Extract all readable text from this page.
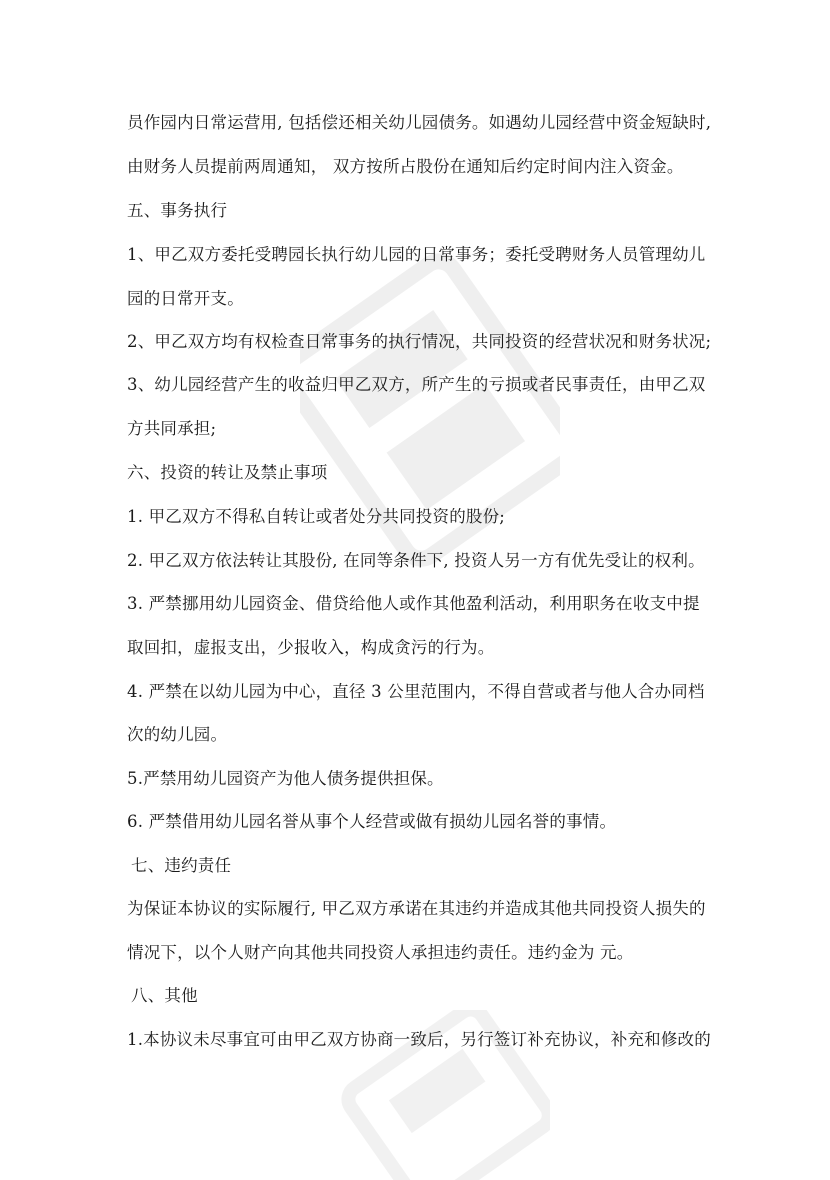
员作园内日常运营用, 包括偿还相关幼儿园债务。如遇幼儿园经营中资金短缺时,
由财务人员提前两周通知， 双方按所占股份在通知后约定时间内注入资金。
五、事务执行
1、甲乙双方委托受聘园长执行幼儿园的日常事务；委托受聘财务人员管理幼儿
园的日常开支。
2、甲乙双方均有权检查日常事务的执行情况，共同投资的经营状况和财务状况;
3、幼儿园经营产生的收益归甲乙双方，所产生的亏损或者民事责任，由甲乙双
方共同承担;
六、投资的转让及禁止事项
1. 甲乙双方不得私自转让或者处分共同投资的股份;
2. 甲乙双方依法转让其股份, 在同等条件下, 投资人另一方有优先受让的权利。
3. 严禁挪用幼儿园资金、借贷给他人或作其他盈利活动，利用职务在收支中提
取回扣，虚报支出，少报收入，构成贪污的行为。
4. 严禁在以幼儿园为中心，直径 3 公里范围内，不得自营或者与他人合办同档
次的幼儿园。
5.严禁用幼儿园资产为他人债务提供担保。
6. 严禁借用幼儿园名誉从事个人经营或做有损幼儿园名誉的事情。
七、违约责任
为保证本协议的实际履行, 甲乙双方承诺在其违约并造成其他共同投资人损失的
情况下，以个人财产向其他共同投资人承担违约责任。违约金为 元。
八、其他
1.本协议未尽事宜可由甲乙双方协商一致后，另行签订补充协议，补充和修改的
